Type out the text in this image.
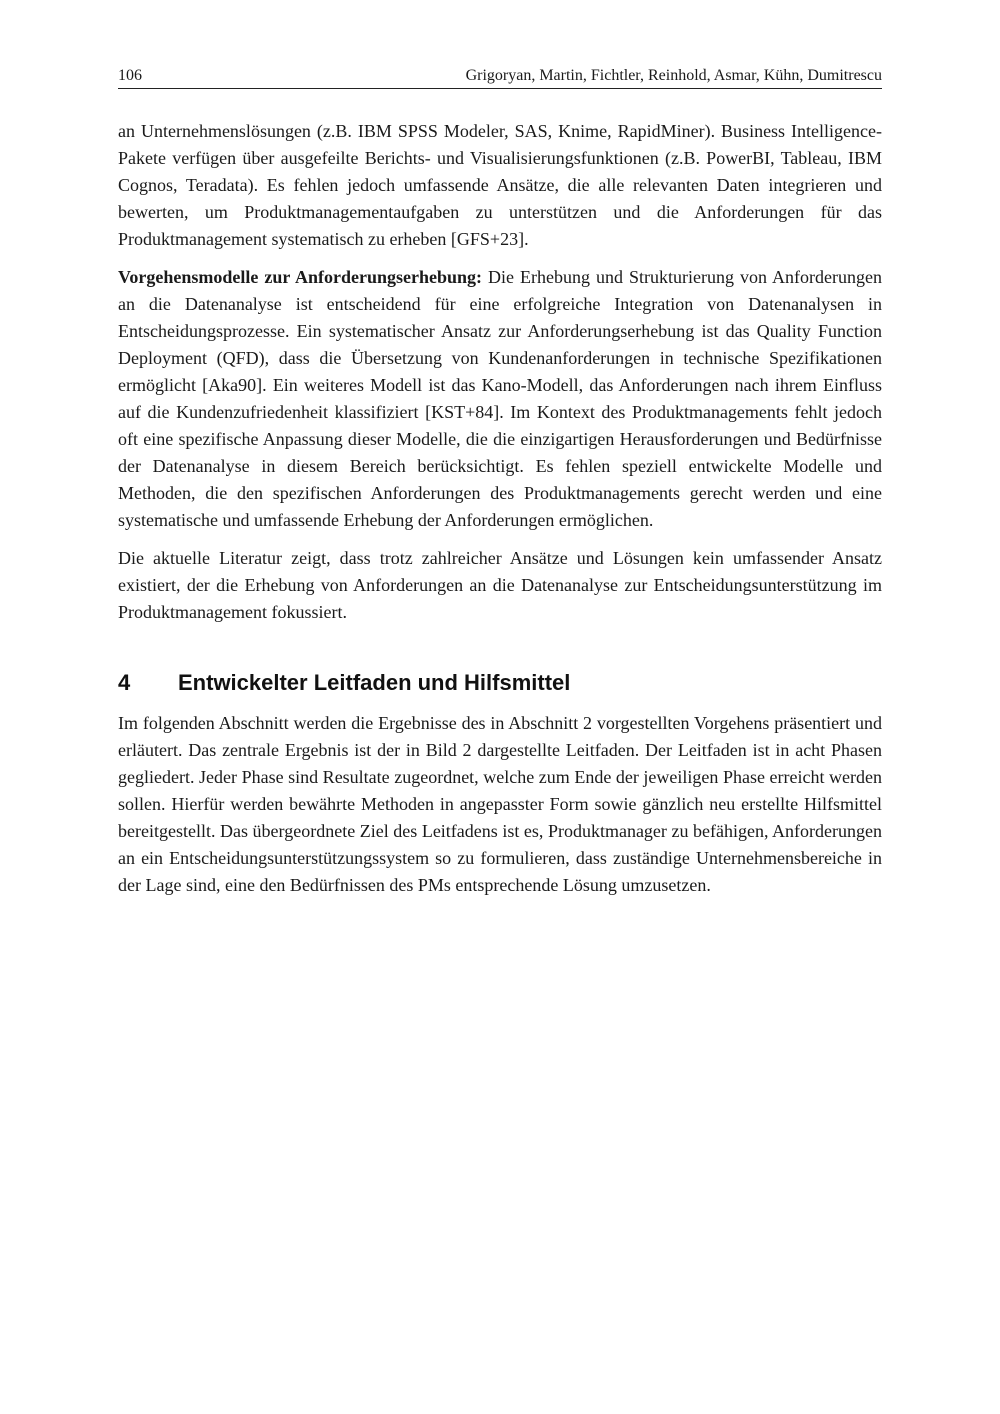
106	Grigoryan, Martin, Fichtler, Reinhold, Asmar, Kühn, Dumitrescu

an Unternehmenslösungen (z.B. IBM SPSS Modeler, SAS, Knime, RapidMiner). Business Intelligence-Pakete verfügen über ausgefeilte Berichts- und Visualisierungsfunktionen (z.B. PowerBI, Tableau, IBM Cognos, Teradata). Es fehlen jedoch umfassende Ansätze, die alle relevanten Daten integrieren und bewerten, um Produktmanagementaufgaben zu unterstützen und die Anforderungen für das Produktmanagement systematisch zu erheben [GFS+23].

Vorgehensmodelle zur Anforderungserhebung: Die Erhebung und Strukturierung von Anforderungen an die Datenanalyse ist entscheidend für eine erfolgreiche Integration von Datenanalysen in Entscheidungsprozesse. Ein systematischer Ansatz zur Anforderungserhebung ist das Quality Function Deployment (QFD), dass die Übersetzung von Kundenanforderungen in technische Spezifikationen ermöglicht [Aka90]. Ein weiteres Modell ist das Kano-Modell, das Anforderungen nach ihrem Einfluss auf die Kundenzufriedenheit klassifiziert [KST+84]. Im Kontext des Produktmanagements fehlt jedoch oft eine spezifische Anpassung dieser Modelle, die die einzigartigen Herausforderungen und Bedürfnisse der Datenanalyse in diesem Bereich berücksichtigt. Es fehlen speziell entwickelte Modelle und Methoden, die den spezifischen Anforderungen des Produktmanagements gerecht werden und eine systematische und umfassende Erhebung der Anforderungen ermöglichen.

Die aktuelle Literatur zeigt, dass trotz zahlreicher Ansätze und Lösungen kein umfassender Ansatz existiert, der die Erhebung von Anforderungen an die Datenanalyse zur Entscheidungsunterstützung im Produktmanagement fokussiert.

4 Entwickelter Leitfaden und Hilfsmittel

Im folgenden Abschnitt werden die Ergebnisse des in Abschnitt 2 vorgestellten Vorgehens präsentiert und erläutert. Das zentrale Ergebnis ist der in Bild 2 dargestellte Leitfaden. Der Leitfaden ist in acht Phasen gegliedert. Jeder Phase sind Resultate zugeordnet, welche zum Ende der jeweiligen Phase erreicht werden sollen. Hierfür werden bewährte Methoden in angepasster Form sowie gänzlich neu erstellte Hilfsmittel bereitgestellt. Das übergeordnete Ziel des Leitfadens ist es, Produktmanager zu befähigen, Anforderungen an ein Entscheidungsunterstützungssystem so zu formulieren, dass zuständige Unternehmensbereiche in der Lage sind, eine den Bedürfnissen des PMs entsprechende Lösung umzusetzen.
